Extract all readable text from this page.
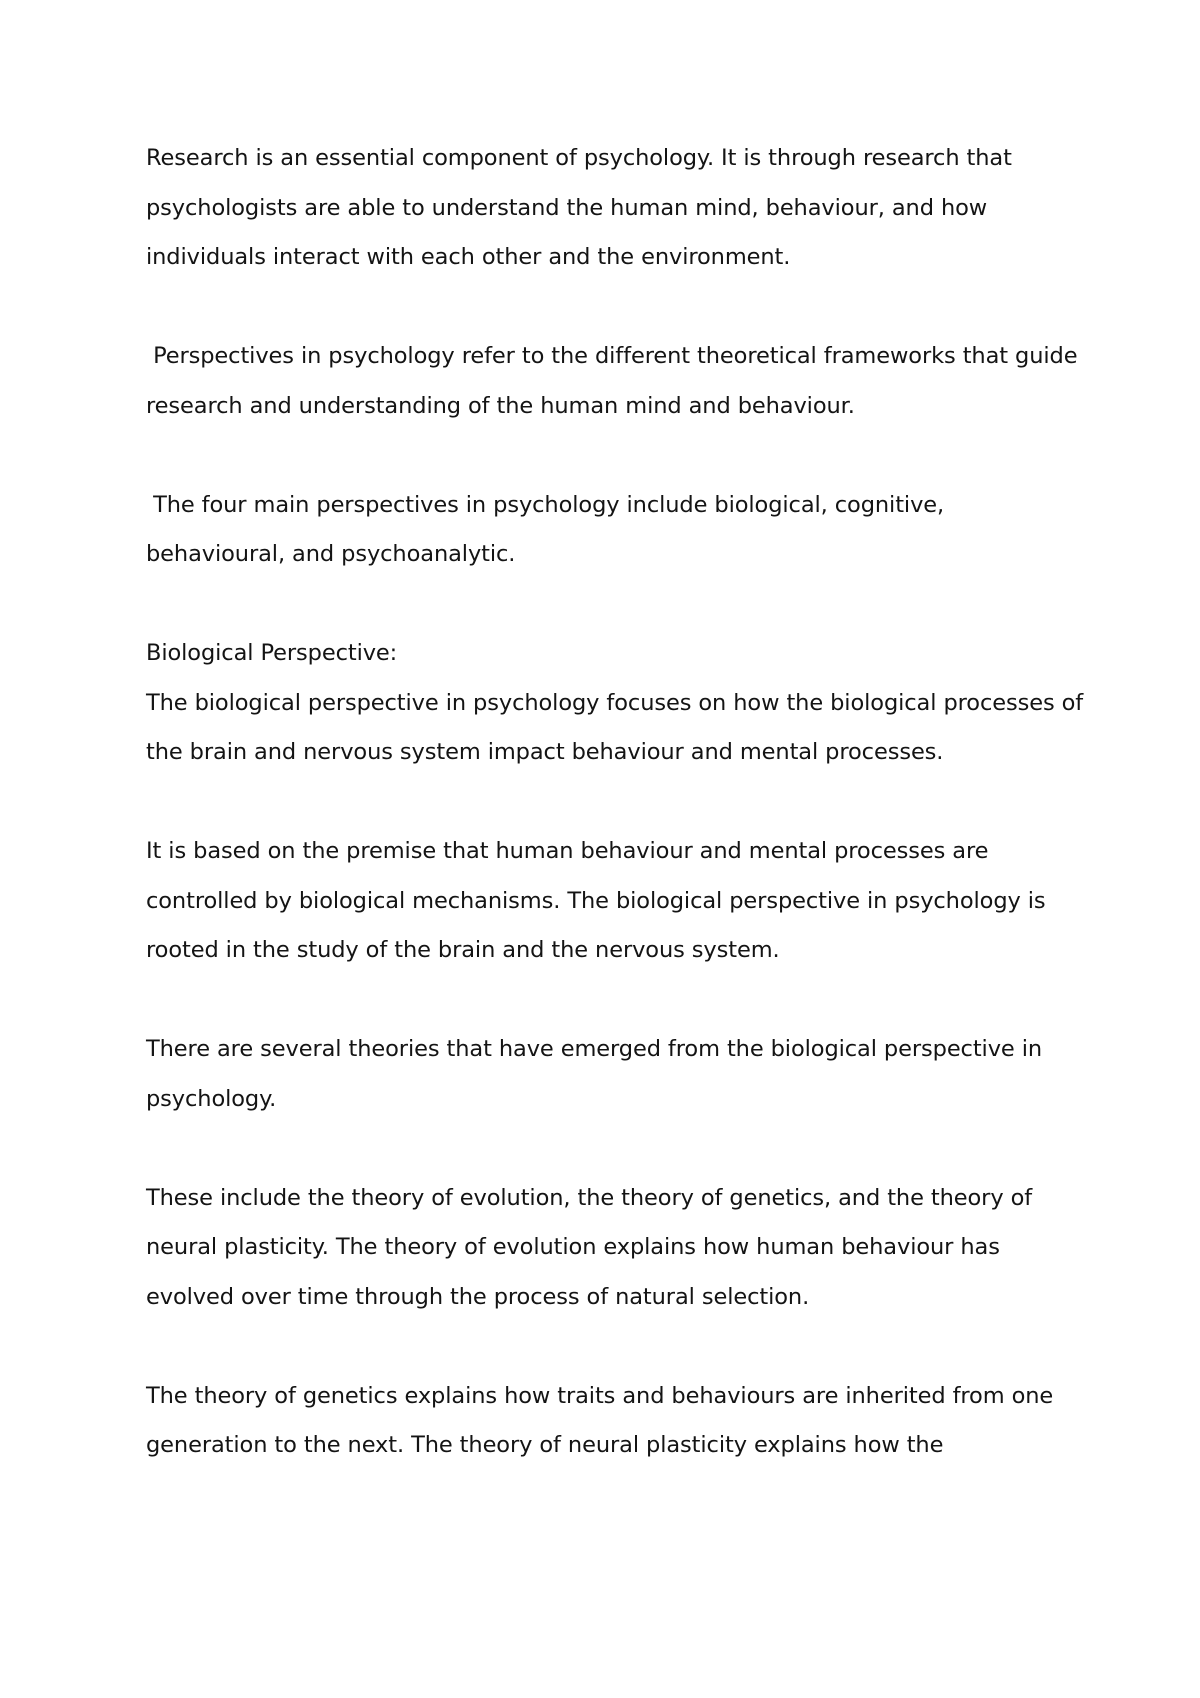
Research is an essential component of psychology. It is through research that psychologists are able to understand the human mind, behaviour, and how individuals interact with each other and the environment.

Perspectives in psychology refer to the different theoretical frameworks that guide research and understanding of the human mind and behaviour.

The four main perspectives in psychology include biological, cognitive, behavioural, and psychoanalytic.

Biological Perspective:

The biological perspective in psychology focuses on how the biological processes of the brain and nervous system impact behaviour and mental processes.

It is based on the premise that human behaviour and mental processes are controlled by biological mechanisms. The biological perspective in psychology is rooted in the study of the brain and the nervous system.

There are several theories that have emerged from the biological perspective in psychology.

These include the theory of evolution, the theory of genetics, and the theory of neural plasticity. The theory of evolution explains how human behaviour has evolved over time through the process of natural selection.

The theory of genetics explains how traits and behaviours are inherited from one generation to the next. The theory of neural plasticity explains how the
